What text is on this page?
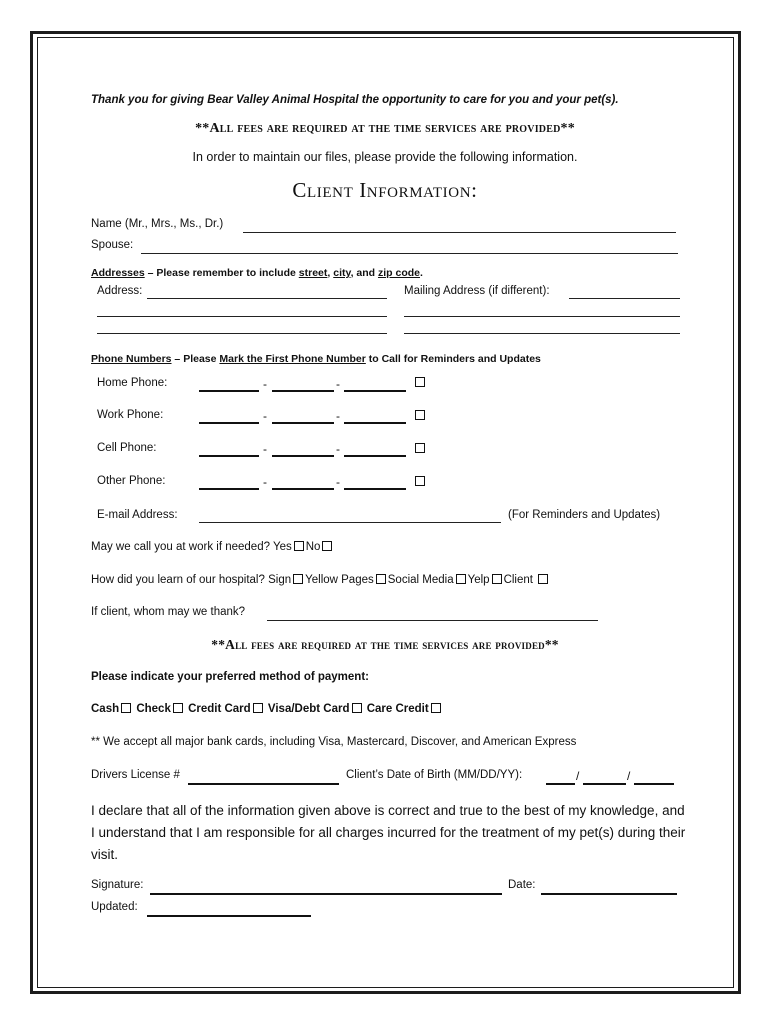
Thank you for giving Bear Valley Animal Hospital the opportunity to care for you and your pet(s).
**All fees are required at the time services are provided**
In order to maintain our files, please provide the following information.
Client Information:
Name (Mr., Mrs., Ms., Dr.)
Spouse:
Addresses – Please remember to include street, city, and zip code.
Address:	Mailing Address (if different):
Phone Numbers – Please Mark the First Phone Number to Call for Reminders and Updates
Home Phone:	-	-
Work Phone:	-	-
Cell Phone:	-	-
Other Phone:	-	-
E-mail Address:	(For Reminders and Updates)
May we call you at work if needed? Yes No
How did you learn of our hospital? Sign Yellow Pages Social Media Yelp Client
If client, whom may we thank?
**All fees are required at the time services are provided**
Please indicate your preferred method of payment:
Cash Check Credit Card Visa/Debt Card Care Credit
** We accept all major bank cards, including Visa, Mastercard, Discover, and American Express
Drivers License #	Client’s Date of Birth (MM/DD/YY):	/	/
I declare that all of the information given above is correct and true to the best of my knowledge, and I understand that I am responsible for all charges incurred for the treatment of my pet(s) during their visit.
Signature:	Date:
Updated:
